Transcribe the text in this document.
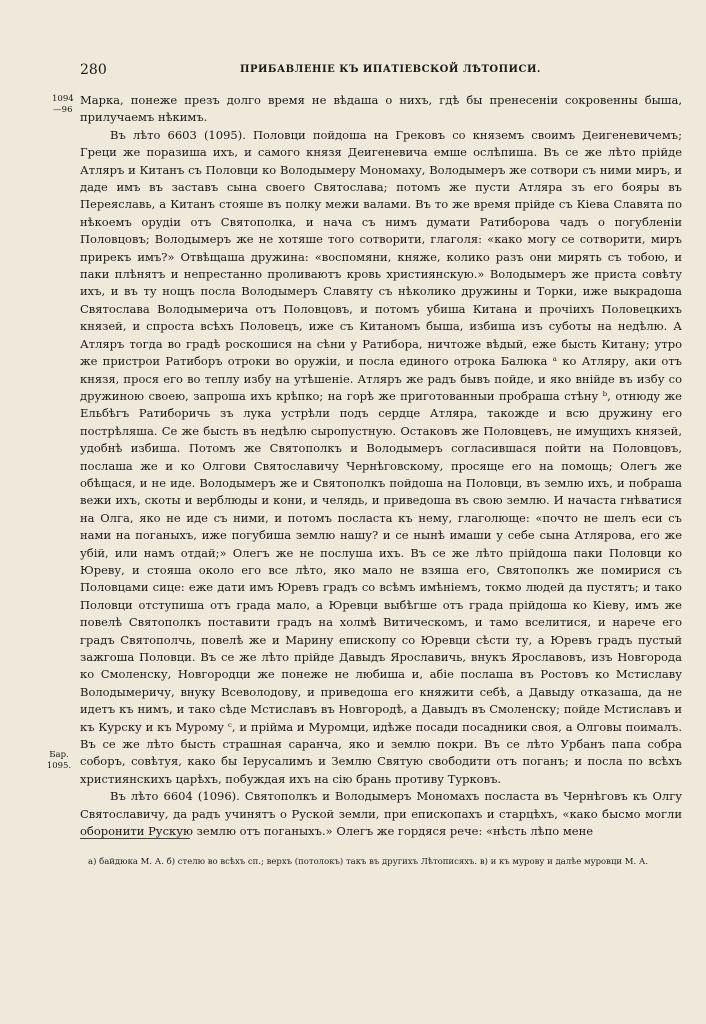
280	ПРИБАВЛЕНІЕ КЪ ИПАТІЕВСКОЙ ЛѢТОПИСИ.
1094
—96
Бар.
1095.

Марка, понеже презъ долго время не вѣдаша о нихъ, гдѣ бы пренесеніи сокровенны быша, прилучаемъ нѣкимъ.

Въ лѣто 6603 (1095). Половци пойдоша на Грековъ со княземъ своимъ Деигеневичемъ; Греци же поразиша ихъ, и самого князя Деигеневича емше ослѣпиша. Въ се же лѣто прійде Атляръ и Китанъ съ Половци ко Володымеру Мономаху, Володымеръ же сотвори съ ними миръ, и даде имъ въ заставъ сына своего Святослава; потомъ же пусти Атляра зъ его бояры въ Переяславь, а Китанъ стояше въ полку межи валами. Въ то же время прійде съ Кіева Славята по нѣкоемъ орудіи отъ Святополка, и нача съ нимъ думати Ратиборова чадъ о погубленіи Половцовъ; Володымеръ же не хотяше того сотворити, глаголя: «како могу се сотворити, миръ прирекъ имъ?» Отвѣщаша дружина: «воспомяни, княже, колико разъ они мирять съ тобою, и паки плѣнятъ и непрестанно проливаютъ кровь християнскую.» Володымеръ же приста совѣту ихъ, и въ ту нощъ посла Володымеръ Славяту съ нѣколико дружины и Торки, иже выкрадоша Святослава Володымерича отъ Половцовъ, и потомъ убиша Китана и прочіихъ Половецкихъ князей, и спроста всѣхъ Половецъ, иже съ Китаномъ быша, избиша изъ суботы на недѣлю. А Атляръ тогда во градѣ роскошися на сѣни у Ратибора, ничтоже вѣдый, еже бысть Китану; утро же пристрои Ратиборъ отроки во оружіи, и посла единого отрока Балюка ᵃ ко Атляру, аки отъ князя, прося его во теплу избу на утѣшеніе. Атляръ же радъ бывъ пойде, и яко внійде въ избу со дружиною своею, запроша ихъ крѣпко; на горѣ же приготованныи пробраша стѣну ᵇ, отнюду же Ельбѣгъ Ратиборичь зъ лука устрѣли подъ сердце Атляра, такожде и всю дружину его пострѣляша. Се же бысть въ недѣлю сыропустную. Остаковъ же Половцевъ, не имущихъ князей, удобнѣ избиша. Потомъ же Святополкъ и Володымеръ согласившася пойти на Половцовъ, послаша же и ко Олгови Святославичу Чернѣговскому, просяще его на помощь; Олегъ же обѣщася, и не иде. Володымеръ же и Святополкъ пойдоша на Половци, въ землю ихъ, и побраша вежи ихъ, скоты и верблюды и кони, и челядь, и приведоша въ свою землю. И начаста гнѣватися на Олга, яко не иде съ ними, и потомъ посласта къ нему, глаголюще: «почто не шелъ еси съ нами на поганыхъ, иже погубиша землю нашу? и се нынѣ имаши у себе сына Атлярова, его же убій, или намъ отдай;» Олегъ же не послуша ихъ. Въ се же лѣто прійдоша паки Половци ко Юреву, и стояша около его все лѣто, яко мало не взяша его, Святополкъ же помирися съ Половцами сице: еже дати имъ Юревъ градъ со всѣмъ имѣніемъ, токмо людей да пустятъ; и тако Половци отступиша отъ града мало, а Юревци выбѣгше отъ града прійдоша ко Кіеву, имъ же повелѣ Святополкъ поставити градъ на холмѣ Витическомъ, и тамо вселитися, и нарече его градъ Святополчь, повелѣ же и Марину епископу со Юревци сѣсти ту, а Юревъ градъ пустый зажгоша Половци. Въ се же лѣто прійде Давыдъ Ярославичь, внукъ Ярославовъ, изъ Новгорода ко Смоленску, Новгородци же понеже не любиша и, абіе послаша въ Ростовъ ко Мстиславу Володымеричу, внуку Всеволодову, и приведоша его княжити себѣ, а Давыду отказаша, да не идетъ къ нимъ, и тако сѣде Мстиславъ въ Новгородѣ, а Давыдъ въ Смоленску; пойде Мстиславъ и къ Курску и къ Мурому ᶜ, и прійма и Муромци, идѣже посади посадники своя, а Олговы поималъ. Въ се же лѣто бысть страшная саранча, яко и землю покри. Въ се лѣто Урбанъ папа собра соборъ, совѣтуя, како бы Іерусалимъ и Землю Святую свободити отъ поганъ; и посла по всѣхъ християнскихъ царѣхъ, побуждая ихъ на сію брань противу Турковъ.

Въ лѣто 6604 (1096). Святополкъ и Володымеръ Мономахъ посласта въ Чернѣговъ къ Олгу Святославичу, да радъ учинятъ о Руской земли, при епископахъ и старцѣхъ, «како бысмо могли оборонити Рускую землю отъ поганыхъ.» Олегъ же гордяся рече: «нѣсть лѣпо мене

а) байдюка М. А. б) стелю во всѣхъ сп.; верхъ (потолокъ) такъ въ другихъ Лѣтописяхъ. в) и къ мурову и далѣе муровци М. А.
